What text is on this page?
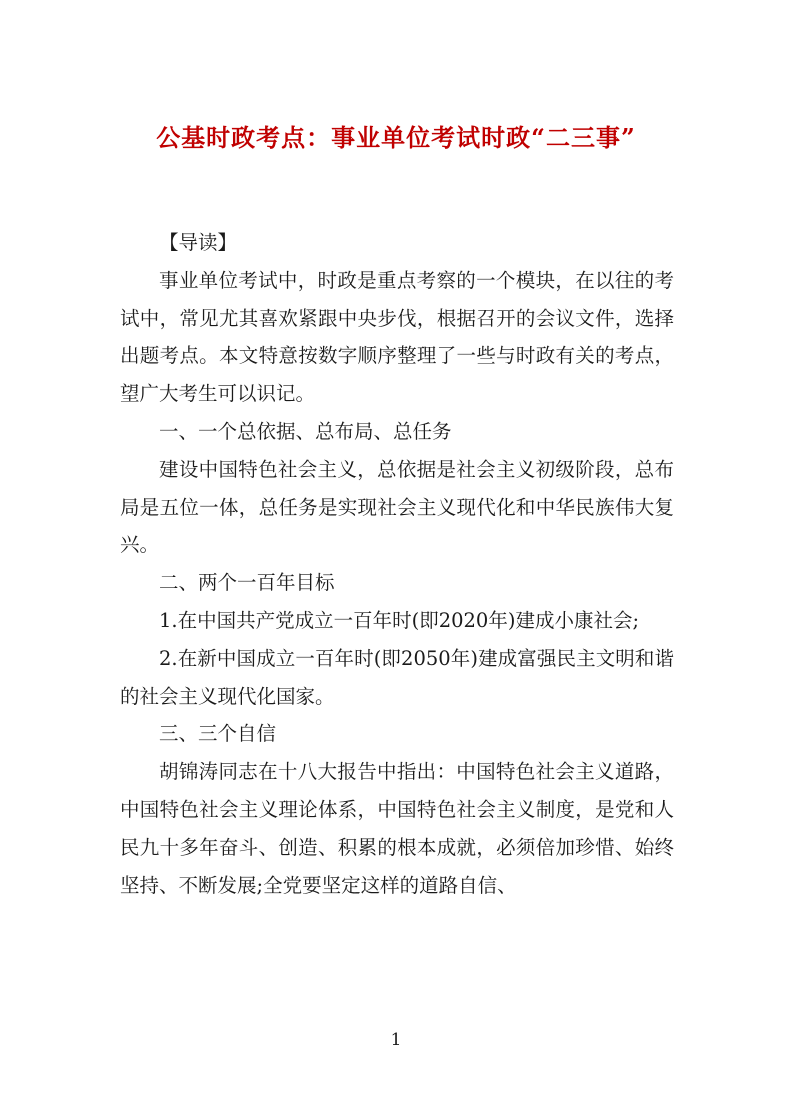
公基时政考点：事业单位考试时政“二三事”

【导读】

事业单位考试中，时政是重点考察的一个模块，在以往的考试中，常见尤其喜欢紧跟中央步伐，根据召开的会议文件，选择出题考点。本文特意按数字顺序整理了一些与时政有关的考点，望广大考生可以识记。

一、一个总依据、总布局、总任务

建设中国特色社会主义，总依据是社会主义初级阶段，总布局是五位一体，总任务是实现社会主义现代化和中华民族伟大复兴。

二、两个一百年目标

1.在中国共产党成立一百年时(即2020年)建成小康社会;

2.在新中国成立一百年时(即2050年)建成富强民主文明和谐的社会主义现代化国家。

三、三个自信

胡锦涛同志在十八大报告中指出：中国特色社会主义道路，中国特色社会主义理论体系，中国特色社会主义制度，是党和人民九十多年奋斗、创造、积累的根本成就，必须倍加珍惜、始终坚持、不断发展;全党要坚定这样的道路自信、

1
